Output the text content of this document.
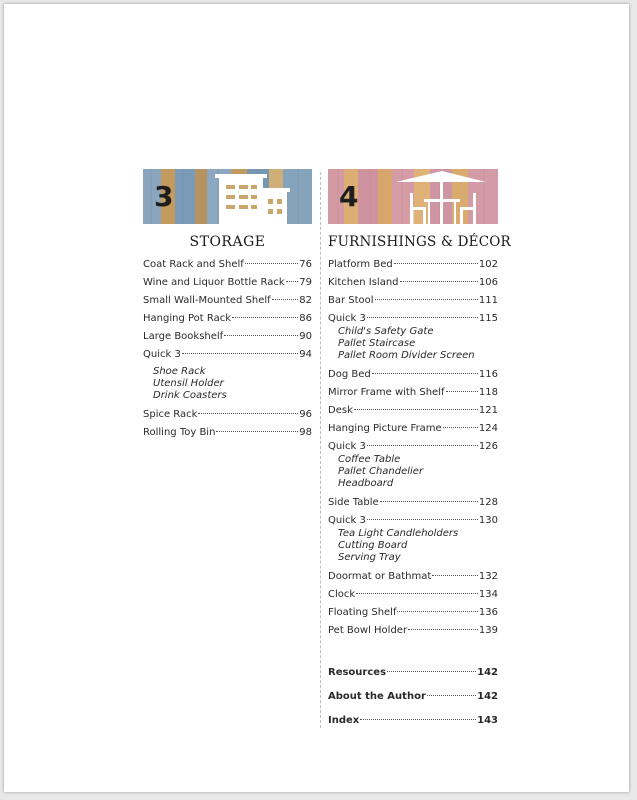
3
STORAGE
Coat Rack and Shelf	76
Wine and Liquor Bottle Rack 79
Small Wall-Mounted Shelf	82
Hanging Pot Rack	86
Large Bookshelf	90
Quick 3	94
Shoe Rack
Utensil Holder
Drink Coasters
Spice Rack	96
Rolling Toy Bin	98
4
FURNISHINGS & DÉCOR
Platform Bed	102
Kitchen Island	106
Bar Stool	111
Quick 3	115
Child's Safety Gate
Pallet Staircase
Pallet Room Divider Screen
Dog Bed	116
Mirror Frame with Shelf	118
Desk	121
Hanging Picture Frame	124
Quick 3	126
Coffee Table
Pallet Chandelier
Headboard
Side Table	128
Quick 3	130
Tea Light Candleholders
Cutting Board
Serving Tray
Doormat or Bathmat	132
Clock	134
Floating Shelf	136
Pet Bowl Holder	139
Resources	142
About the Author	142
Index	143
